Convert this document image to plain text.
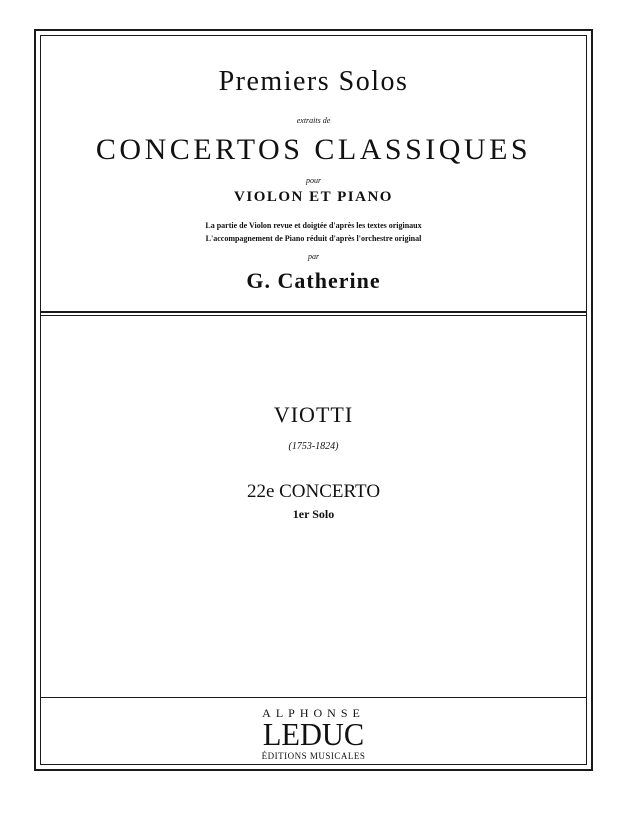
Premiers Solos
extraits de
CONCERTOS CLASSIQUES
pour
VIOLON ET PIANO
La partie de Violon revue et doigtée d'après les textes originaux
L'accompagnement de Piano réduit d'après l'orchestre original
par
G. Catherine
VIOTTI
(1753-1824)
22e CONCERTO
1er Solo
ALPHONSE
LEDUC
ÉDITIONS MUSICALES
